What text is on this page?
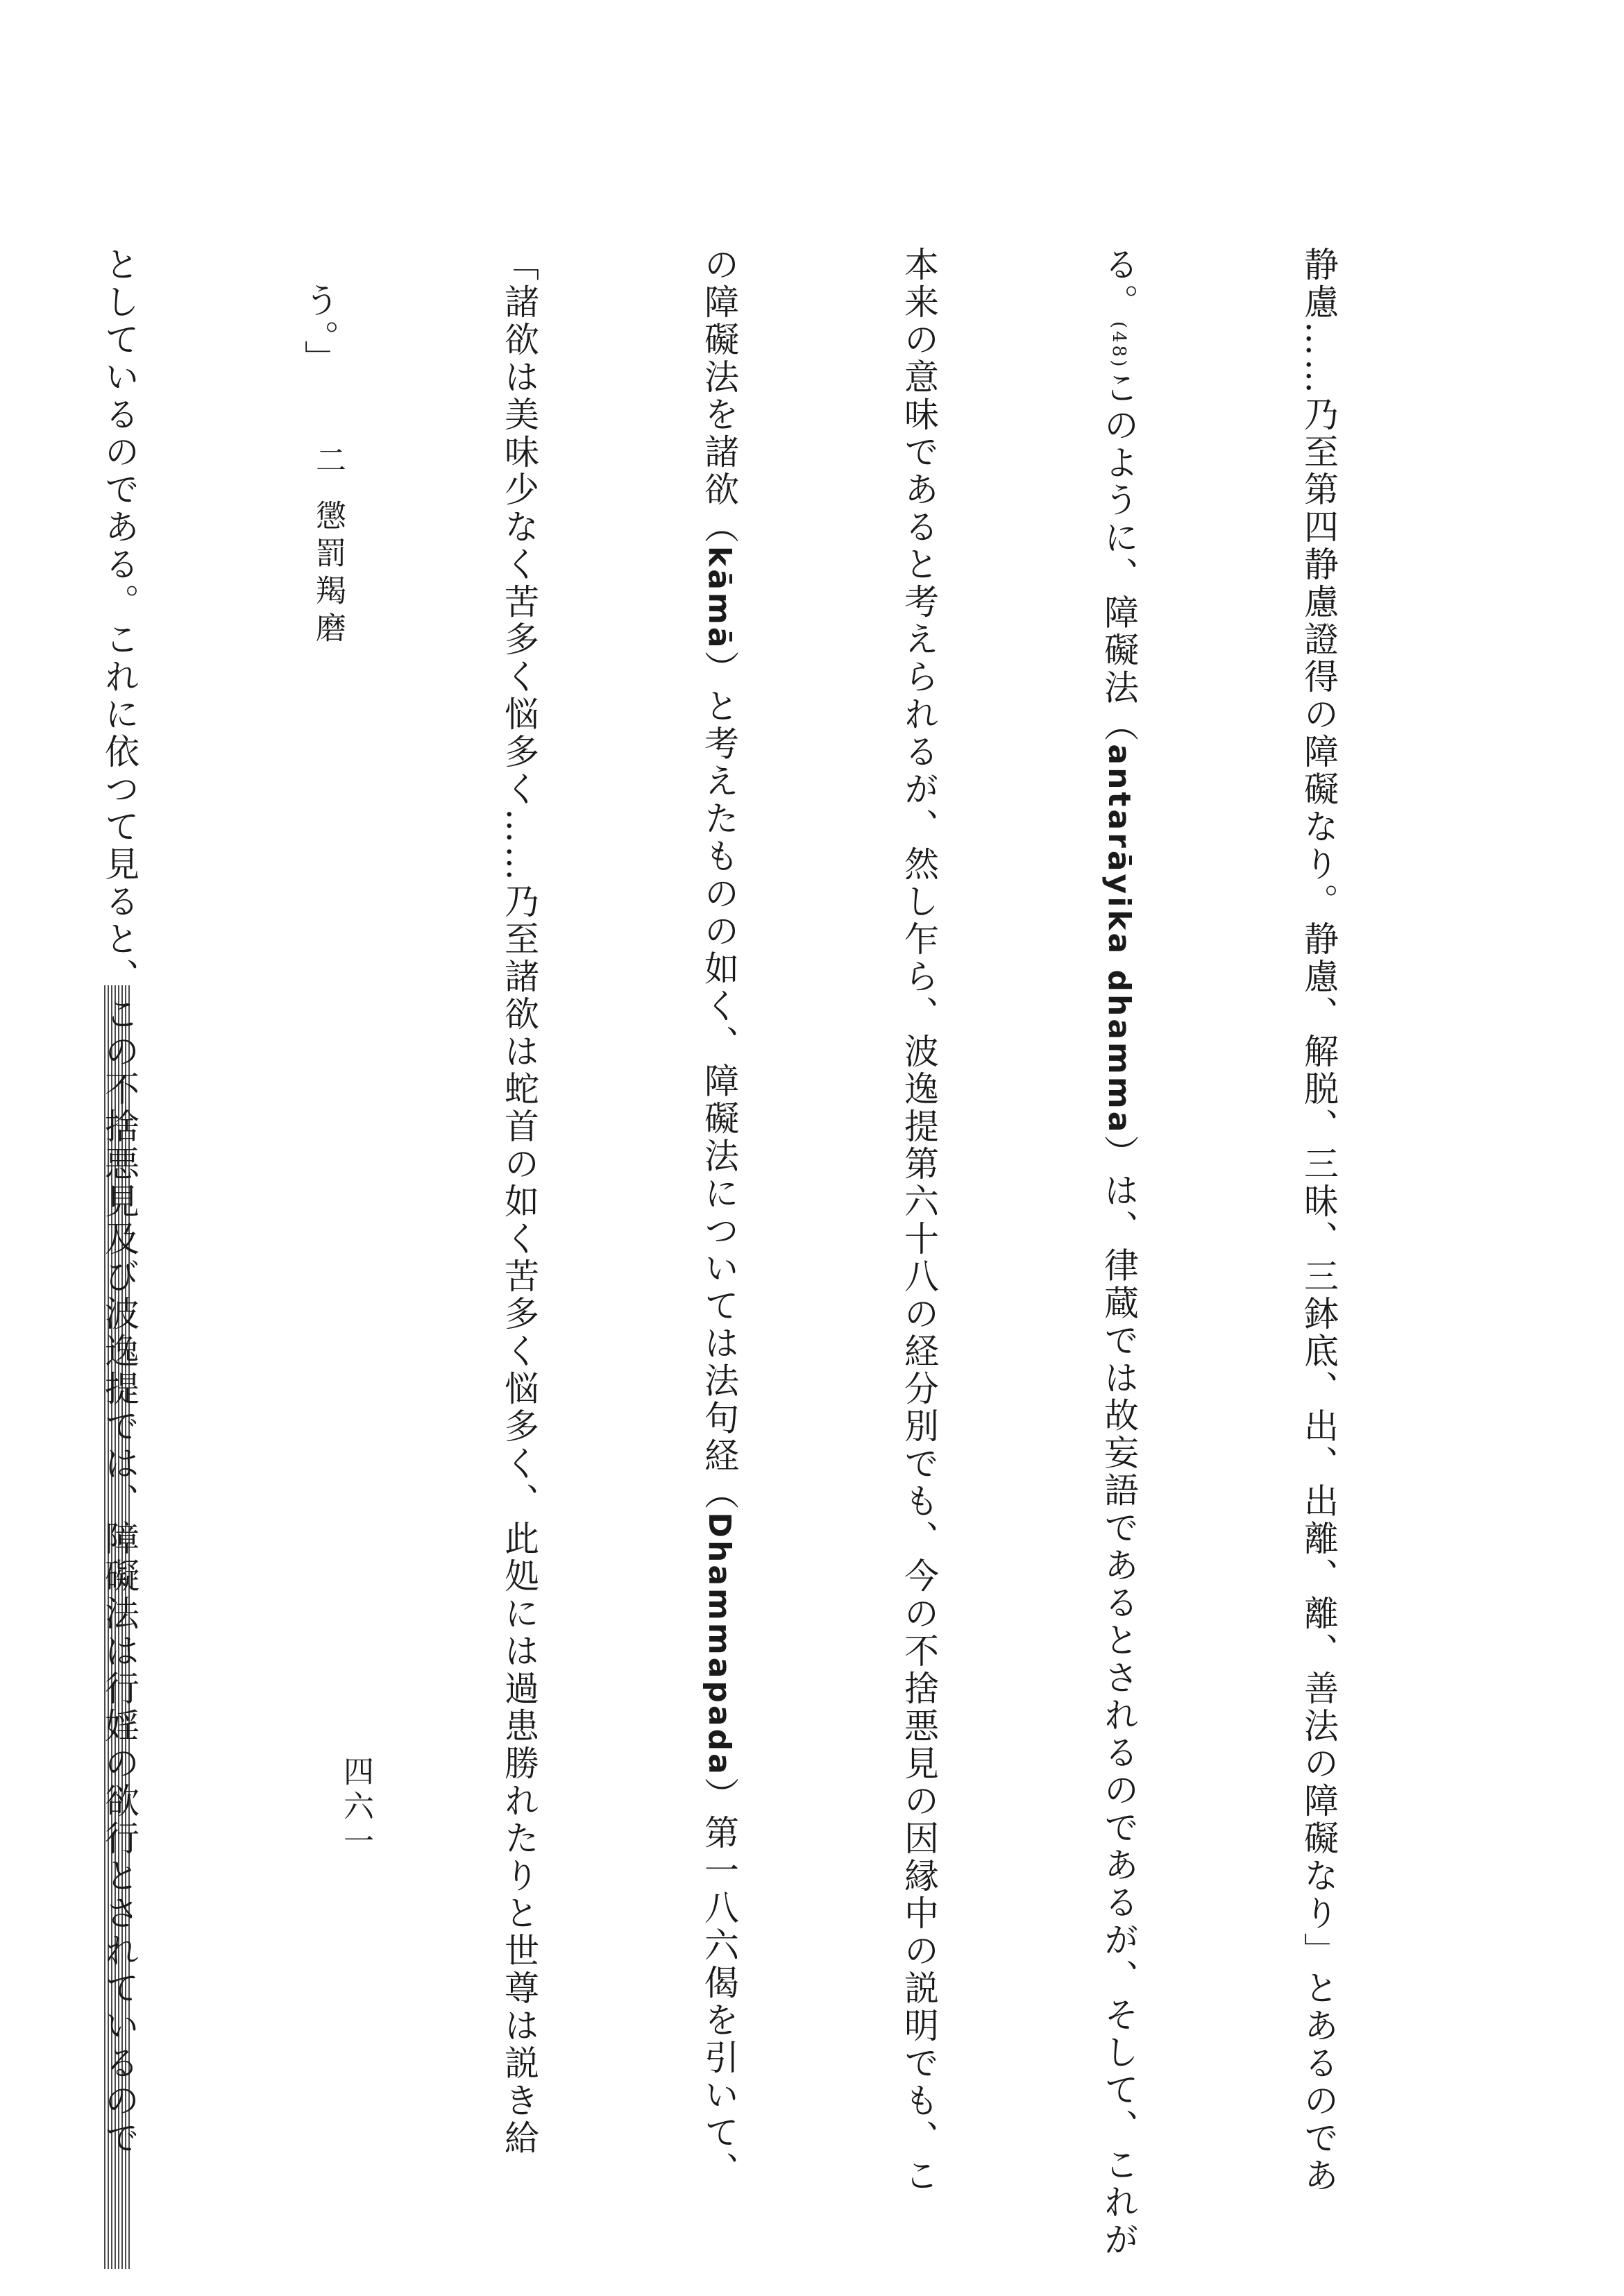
静慮……乃至第四静慮證得の障礙なり。静慮、解脱、三昧、三鉢底、出、出離、離、善法の障礙なり」とあるのであ

る。(48)このように、障礙法（antarāyika dhamma）は、律蔵では故妄語であるとされるのであるが、そして、これが

本来の意味であると考えられるが、然し乍ら、波逸提第六十八の経分別でも、今の不捨悪見の因縁中の説明でも、こ

の障礙法を諸欲（kāmā）と考えたものの如く、障礙法については法句経（Dhammapada）第一八六偈を引いて、

「諸欲は美味少なく苦多く悩多く……乃至諸欲は蛇首の如く苦多く悩多く、此処には過患勝れたりと世尊は説き給

う。」

としているのである。これに依つて見ると、この不捨悪見及び波逸提では、障礙法は行婬の欲行とされているので

	懲罰羯磨
二
四六一
